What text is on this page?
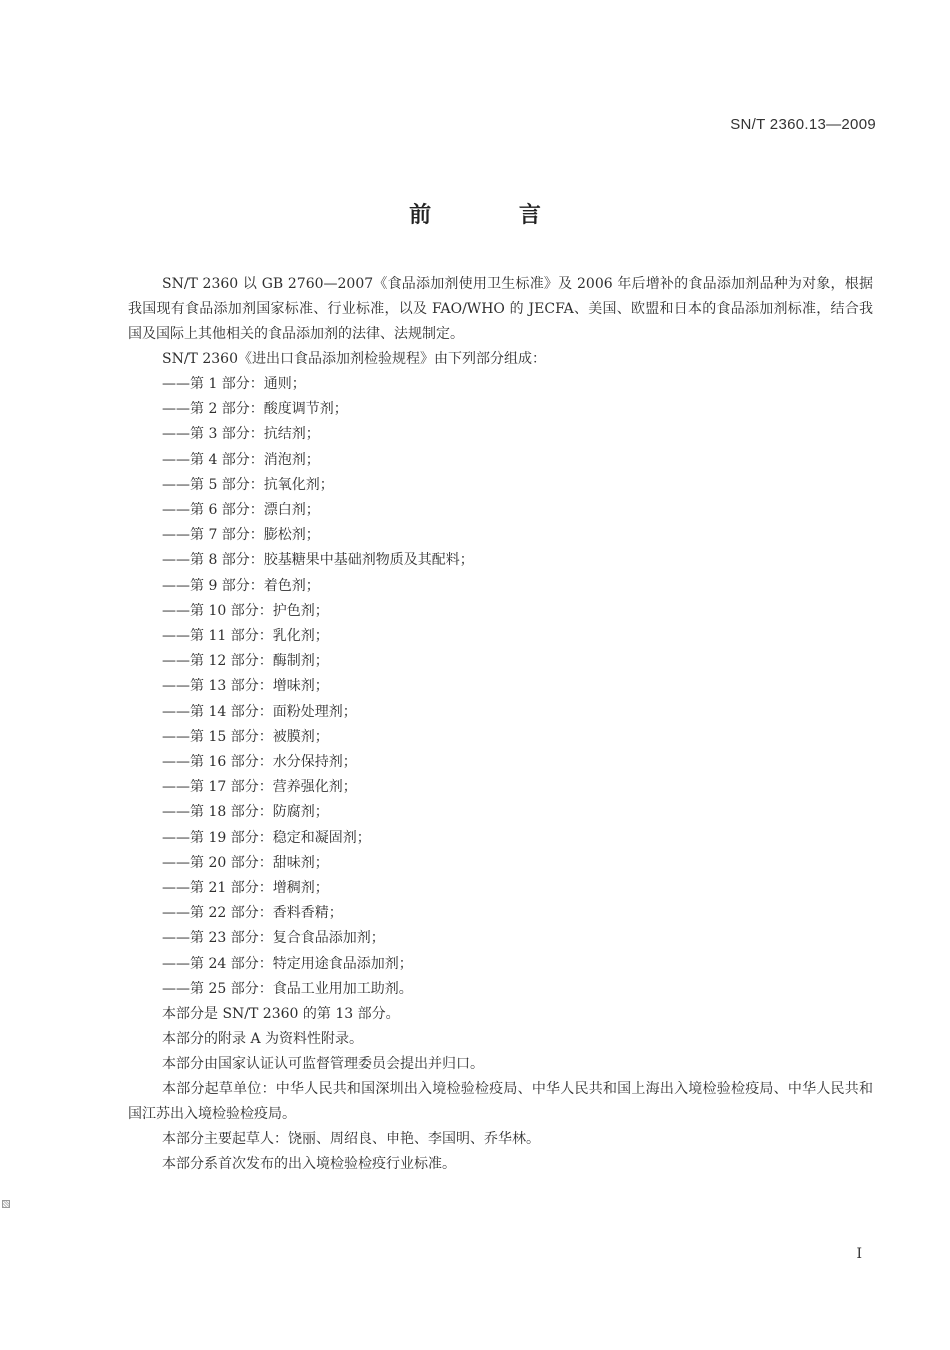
SN/T 2360.13—2009
前 言

SN/T 2360 以 GB 2760—2007《食品添加剂使用卫生标准》及 2006 年后增补的食品添加剂品种为对象，根据我国现有食品添加剂国家标准、行业标准，以及 FAO/WHO 的 JECFA、美国、欧盟和日本的食品添加剂标准，结合我国及国际上其他相关的食品添加剂的法律、法规制定。

SN/T 2360《进出口食品添加剂检验规程》由下列部分组成：

——第 1 部分：通则；
——第 2 部分：酸度调节剂；
——第 3 部分：抗结剂；
——第 4 部分：消泡剂；
——第 5 部分：抗氧化剂；
——第 6 部分：漂白剂；
——第 7 部分：膨松剂；
——第 8 部分：胶基糖果中基础剂物质及其配料；
——第 9 部分：着色剂；
——第 10 部分：护色剂；
——第 11 部分：乳化剂；
——第 12 部分：酶制剂；
——第 13 部分：增味剂；
——第 14 部分：面粉处理剂；
——第 15 部分：被膜剂；
——第 16 部分：水分保持剂；
——第 17 部分：营养强化剂；
——第 18 部分：防腐剂；
——第 19 部分：稳定和凝固剂；
——第 20 部分：甜味剂；
——第 21 部分：增稠剂；
——第 22 部分：香料香精；
——第 23 部分：复合食品添加剂；
——第 24 部分：特定用途食品添加剂；
——第 25 部分：食品工业用加工助剂。

本部分是 SN/T 2360 的第 13 部分。

本部分的附录 A 为资料性附录。

本部分由国家认证认可监督管理委员会提出并归口。

本部分起草单位：中华人民共和国深圳出入境检验检疫局、中华人民共和国上海出入境检验检疫局、中华人民共和国江苏出入境检验检疫局。

本部分主要起草人：饶丽、周绍良、申艳、李国明、乔华林。

本部分系首次发布的出入境检验检疫行业标准。

I
